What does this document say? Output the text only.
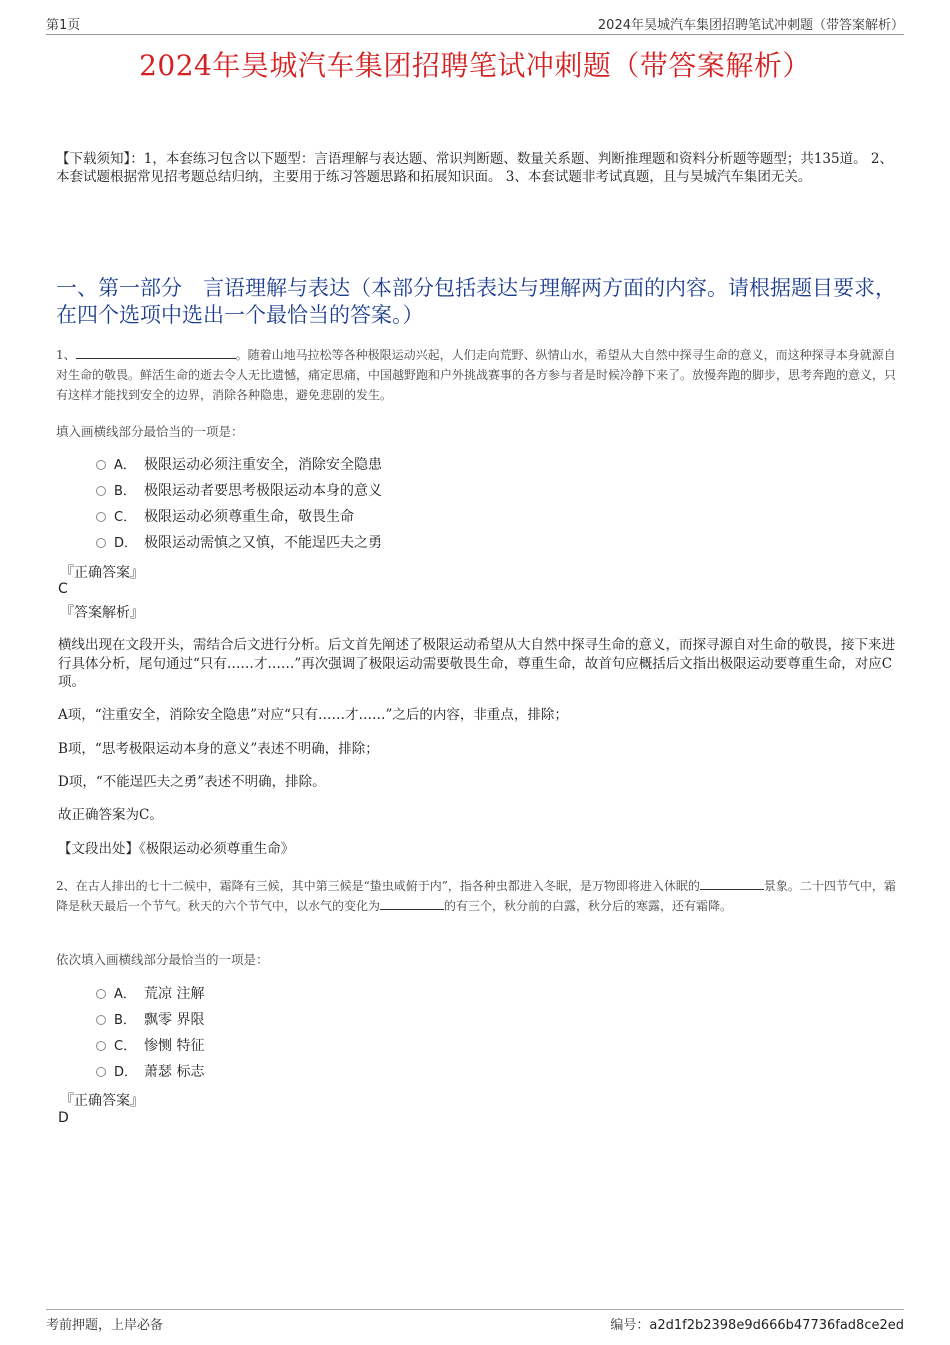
第1页	2024年昊城汽车集团招聘笔试冲刺题（带答案解析）
2024年昊城汽车集团招聘笔试冲刺题（带答案解析）
【下载须知】：1，本套练习包含以下题型：言语理解与表达题、常识判断题、数量关系题、判断推理题和资料分析题等题型；共135道。 2、本套试题根据常见招考题总结归纳，主要用于练习答题思路和拓展知识面。 3、本套试题非考试真题，且与昊城汽车集团无关。
一、第一部分　言语理解与表达（本部分包括表达与理解两方面的内容。请根据题目要求，在四个选项中选出一个最恰当的答案。）
1、	。随着山地马拉松等各种极限运动兴起，人们走向荒野、纵情山水，希望从大自然中探寻生命的意义，而这种探寻本身就源自对生命的敬畏。鲜活生命的逝去令人无比遗憾，痛定思痛，中国越野跑和户外挑战赛事的各方参与者是时候冷静下来了。放慢奔跑的脚步，思考奔跑的意义，只有这样才能找到安全的边界，消除各种隐患，避免悲剧的发生。
填入画横线部分最恰当的一项是：
A． 极限运动必须注重安全，消除安全隐患
B． 极限运动者要思考极限运动本身的意义
C． 极限运动必须尊重生命，敬畏生命
D． 极限运动需慎之又慎，不能逞匹夫之勇
『正确答案』
C
『答案解析』
横线出现在文段开头，需结合后文进行分析。后文首先阐述了极限运动希望从大自然中探寻生命的意义，而探寻源自对生命的敬畏，接下来进行具体分析，尾句通过“只有……才……”再次强调了极限运动需要敬畏生命，尊重生命，故首句应概括后文指出极限运动要尊重生命，对应C项。
A项，“注重安全，消除安全隐患”对应“只有……才……”之后的内容，非重点，排除；
B项，“思考极限运动本身的意义”表述不明确，排除；
D项，“不能逞匹夫之勇”表述不明确，排除。
故正确答案为C。
【文段出处】《极限运动必须尊重生命》
2、在古人排出的七十二候中，霜降有三候，其中第三候是“蛰虫咸俯于内”，指各种虫都进入冬眠，是万物即将进入休眠的	景象。二十四节气中，霜降是秋天最后一个节气。秋天的六个节气中，以水气的变化为	的有三个，秋分前的白露，秋分后的寒露，还有霜降。
依次填入画横线部分最恰当的一项是：
A． 荒凉 注解
B． 飘零 界限
C． 惨恻 特征
D． 萧瑟 标志
『正确答案』
D
考前押题，上岸必备	编号：a2d1f2b2398e9d666b47736fad8ce2ed
